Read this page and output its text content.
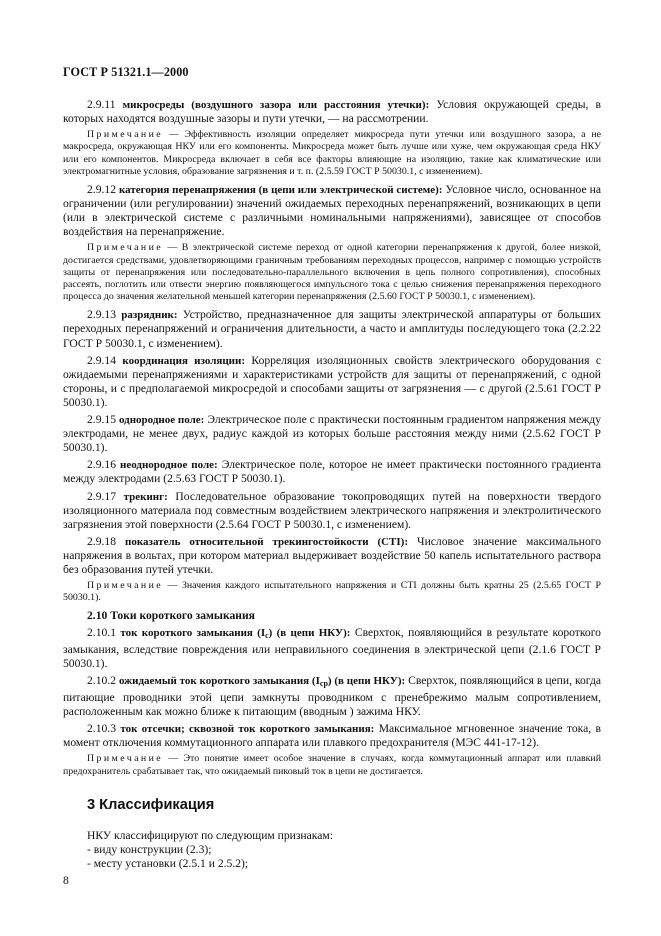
ГОСТ Р 51321.1—2000

2.9.11 микросреды (воздушного зазора или расстояния утечки): Условия окружающей среды, в которых находятся воздушные зазоры и пути утечки, — на рассмотрении.

Примечание — Эффективность изоляции определяет микросреда пути утечки или воздушного зазора, а не макросреда, окружающая НКУ или его компоненты. Микросреда может быть лучше или хуже, чем окружающая среда НКУ или его компонентов. Микросреда включает в себя все факторы влияющие на изоляцию, такие как климатические или электромагнитные условия, образование загрязнения и т. п. (2.5.59 ГОСТ Р 50030.1, с изменением).

2.9.12 категория перенапряжения (в цепи или электрической системе): Условное число, основанное на ограничении (или регулировании) значений ожидаемых переходных перенапряжений, возникающих в цепи (или в электрической системе с различными номинальными напряжениями), зависящее от способов воздействия на перенапряжение.

Примечание — В электрической системе переход от одной категории перенапряжения к другой, более низкой, достигается средствами, удовлетворяющими граничным требованиям переходных процессов, например с помощью устройств защиты от перенапряжения или последовательно-параллельного включения в цепь полного сопротивления), способных рассеять, поглотить или отвести энергию появляющегося импульсного тока с целью снижения перенапряжения переходного процесса до значения желательной меньшей категории перенапряжения (2.5.60 ГОСТ Р 50030.1, с изменением).

2.9.13 разрядник: Устройство, предназначенное для защиты электрической аппаратуры от больших переходных перенапряжений и ограничения длительности, а часто и амплитуды последующего тока (2.2.22 ГОСТ Р 50030.1, с изменением).

2.9.14 координация изоляции: Корреляция изоляционных свойств электрического оборудования с ожидаемыми перенапряжениями и характеристиками устройств для защиты от перенапряжений, с одной стороны, и с предполагаемой микросредой и способами защиты от загрязнения — с другой (2.5.61 ГОСТ Р 50030.1).

2.9.15 однородное поле: Электрическое поле с практически постоянным градиентом напряжения между электродами, не менее двух, радиус каждой из которых больше расстояния между ними (2.5.62 ГОСТ Р 50030.1).

2.9.16 неоднородное поле: Электрическое поле, которое не имеет практически постоянного градиента между электродами (2.5.63 ГОСТ Р 50030.1).

2.9.17 трекинг: Последовательное образование токопроводящих путей на поверхности твердого изоляционного материала под совместным воздействием электрического напряжения и электролитического загрязнения этой поверхности (2.5.64 ГОСТ Р 50030.1, с изменением).

2.9.18 показатель относительной трекингостойкости (CTI): Числовое значение максимального напряжения в вольтах, при котором материал выдерживает воздействие 50 капель испытательного раствора без образования путей утечки.

Примечание — Значения каждого испытательного напряжения и CTI должны быть кратны 25 (2.5.65 ГОСТ Р 50030.1).

2.10 Токи короткого замыкания

2.10.1 ток короткого замыкания $(I_c)$ (в цепи НКУ): Сверхток, появляющийся в результате короткого замыкания, вследствие повреждения или неправильного соединения в электрической цепи (2.1.6 ГОСТ Р 50030.1).

2.10.2 ожидаемый ток короткого замыкания $(I_{cp})$ (в цепи НКУ): Сверхток, появляющийся в цепи, когда питающие проводники этой цепи замкнуты проводником с пренебрежимо малым сопротивлением, расположенным как можно ближе к питающим (вводным ) зажима НКУ.

2.10.3 ток отсечки; сквозной ток короткого замыкания: Максимальное мгновенное значение тока, в момент отключения коммутационного аппарата или плавкого предохранителя (МЭС 441-17-12).

Примечание — Это понятие имеет особое значение в случаях, когда коммутационный аппарат или плавкий предохранитель срабатывает так, что ожидаемый пиковый ток в цепи не достигается.

3 Классификация

НКУ классифицируют по следующим признакам:

- виду конструкции (2.3);

- месту установки (2.5.1 и 2.5.2);

8
